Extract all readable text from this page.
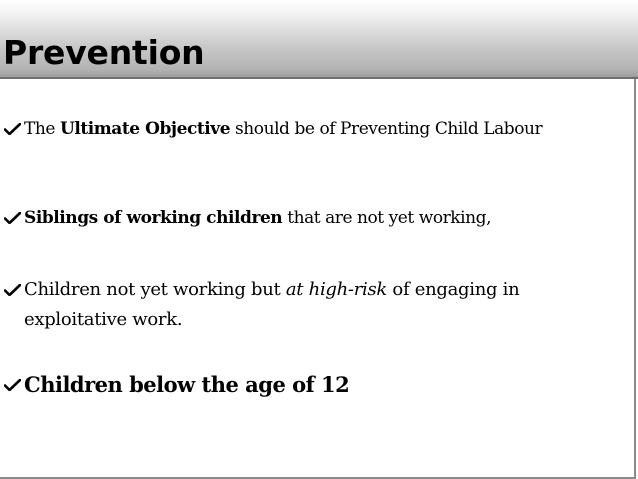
Prevention

The Ultimate Objective should be of Preventing Child Labour

Siblings of working children that are not yet working,

Children not yet working but at high-risk of engaging in exploitative work.

Children below the age of 12
